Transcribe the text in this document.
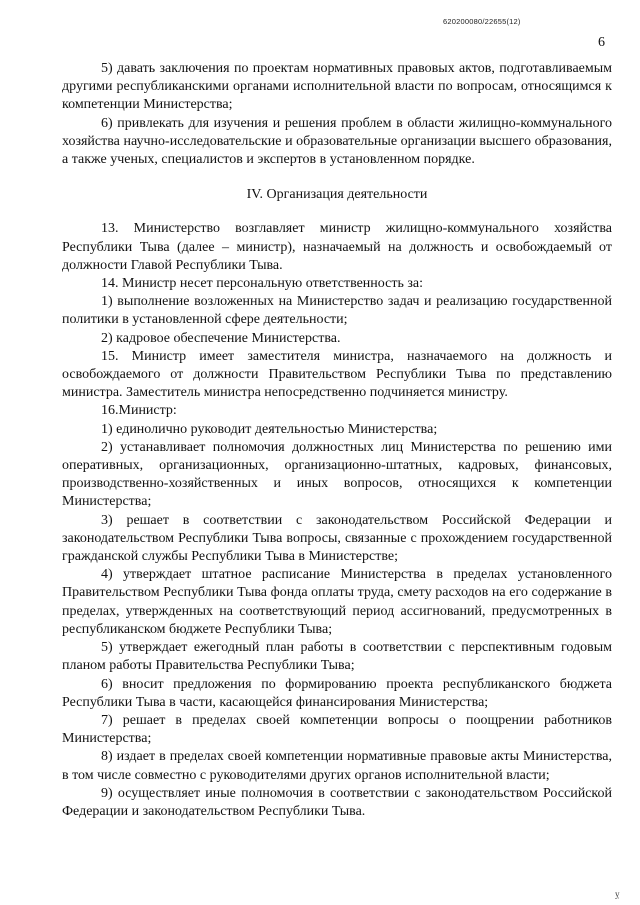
620200080/22655(12)
6

5) давать заключения по проектам нормативных правовых актов, подготавливаемым другими республиканскими органами исполнительной власти по вопросам, относящимся к компетенции Министерства;

6) привлекать для изучения и решения проблем в области жилищно-коммунального хозяйства научно-исследовательские и образовательные организации высшего образования, а также ученых, специалистов и экспертов в установленном порядке.

IV. Организация деятельности

13. Министерство возглавляет министр жилищно-коммунального хозяйства Республики Тыва (далее – министр), назначаемый на должность и освобождаемый от должности Главой Республики Тыва.

14. Министр несет персональную ответственность за:

1) выполнение возложенных на Министерство задач и реализацию государственной политики в установленной сфере деятельности;

2) кадровое обеспечение Министерства.

15. Министр имеет заместителя министра, назначаемого на должность и освобождаемого от должности Правительством Республики Тыва по представлению министра. Заместитель министра непосредственно подчиняется министру.

16.Министр:

1) единолично руководит деятельностью Министерства;

2) устанавливает полномочия должностных лиц Министерства по решению ими оперативных, организационных, организационно-штатных, кадровых, финансовых, производственно-хозяйственных и иных вопросов, относящихся к компетенции Министерства;

3) решает в соответствии с законодательством Российской Федерации и законодательством Республики Тыва вопросы, связанные с прохождением государственной гражданской службы Республики Тыва в Министерстве;

4) утверждает штатное расписание Министерства в пределах установленного Правительством Республики Тыва фонда оплаты труда, смету расходов на его содержание в пределах, утвержденных на соответствующий период ассигнований, предусмотренных в республиканском бюджете Республики Тыва;

5) утверждает ежегодный план работы в соответствии с перспективным годовым планом работы Правительства Республики Тыва;

6) вносит предложения по формированию проекта республиканского бюджета Республики Тыва в части, касающейся финансирования Министерства;

7) решает в пределах своей компетенции вопросы о поощрении работников Министерства;

8) издает в пределах своей компетенции нормативные правовые акты Министерства, в том числе совместно с руководителями других органов исполнительной власти;

9) осуществляет иные полномочия в соответствии с законодательством Российской Федерации и законодательством Республики Тыва.

ỵ
